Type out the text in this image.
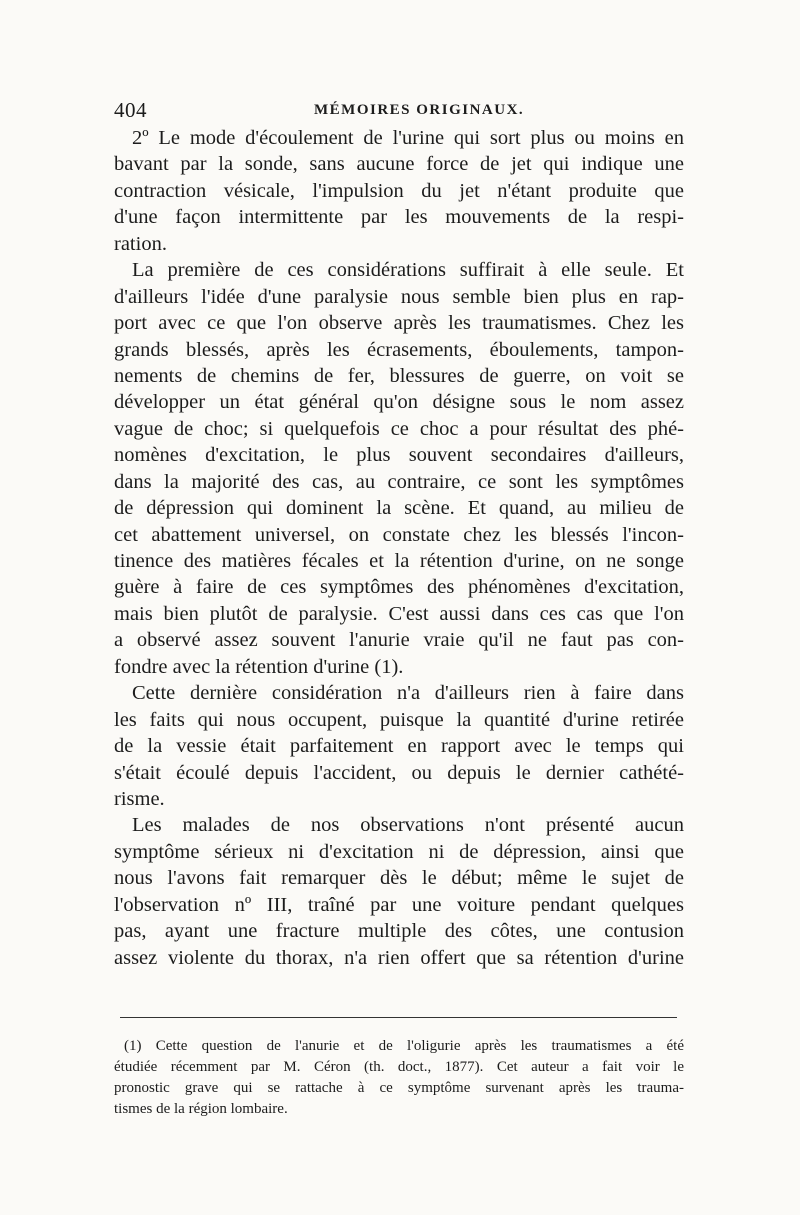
404	MÉMOIRES ORIGINAUX.
2º Le mode d'écoulement de l'urine qui sort plus ou moins en
bavant par la sonde, sans aucune force de jet qui indique une
contraction vésicale, l'impulsion du jet n'étant produite que
d'une façon intermittente par les mouvements de la respi-
ration.
La première de ces considérations suffirait à elle seule. Et
d'ailleurs l'idée d'une paralysie nous semble bien plus en rap-
port avec ce que l'on observe après les traumatismes. Chez les
grands blessés, après les écrasements, éboulements, tampon-
nements de chemins de fer, blessures de guerre, on voit se
développer un état général qu'on désigne sous le nom assez
vague de choc; si quelquefois ce choc a pour résultat des phé-
nomènes d'excitation, le plus souvent secondaires d'ailleurs,
dans la majorité des cas, au contraire, ce sont les symptômes
de dépression qui dominent la scène. Et quand, au milieu de
cet abattement universel, on constate chez les blessés l'incon-
tinence des matières fécales et la rétention d'urine, on ne songe
guère à faire de ces symptômes des phénomènes d'excitation,
mais bien plutôt de paralysie. C'est aussi dans ces cas que l'on
a observé assez souvent l'anurie vraie qu'il ne faut pas con-
fondre avec la rétention d'urine (1).
Cette dernière considération n'a d'ailleurs rien à faire dans
les faits qui nous occupent, puisque la quantité d'urine retirée
de la vessie était parfaitement en rapport avec le temps qui
s'était écoulé depuis l'accident, ou depuis le dernier cathété-
risme.
Les malades de nos observations n'ont présenté aucun
symptôme sérieux ni d'excitation ni de dépression, ainsi que
nous l'avons fait remarquer dès le début; même le sujet de
l'observation nº III, traîné par une voiture pendant quelques
pas, ayant une fracture multiple des côtes, une contusion
assez violente du thorax, n'a rien offert que sa rétention d'urine
(1) Cette question de l'anurie et de l'oligurie après les traumatismes a été
étudiée récemment par M. Céron (th. doct., 1877). Cet auteur a fait voir le
pronostic grave qui se rattache à ce symptôme survenant après les trauma-
tismes de la région lombaire.
